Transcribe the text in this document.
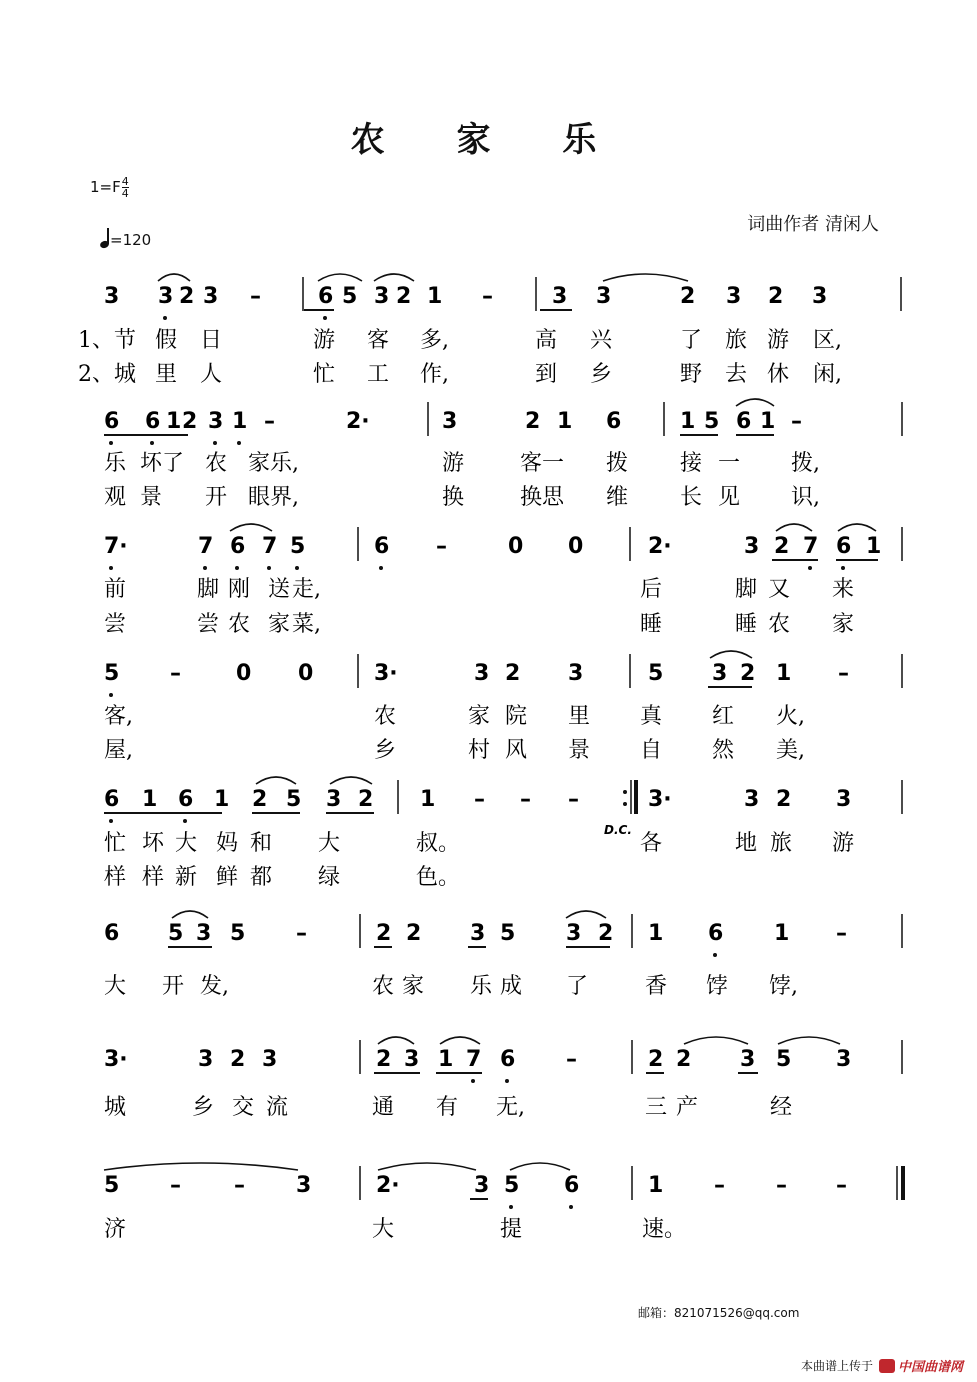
农 家 乐
$1=F \frac{4}{4}$
=120
词曲作者 清闲人
3 3 2 3 –	6 5 3 2 1 –	3 3	2 3 2 3
1、节 假 日	游 客 多,	高 兴	了 旅 游 区,
2、城 里 人	忙 工 作,	到 乡	野 去 休 闲,
6 6 1 2 3 1 –	2·	3	2 1 6	1 5 6 1 –
乐 坏了 农 家 乐,	游	客一 拨 接 一 拨,
观 景 开 眼 界,	换	换思 维 长 见 识,
7·	7 6 7 5	6 –	0 0	2·	3 2 7 6 1
前	脚 刚 送 走,	后	脚 又 来
尝	尝 农 家 菜,	睡	睡 农 家
5 –	0 0	3·	3 2 3	5 3 2 1 –
客,	农	家 院 里 真 红 火,
屋,	乡	村 风 景 自 然 美,
6 1 6 1 2 5 3 2 1 – – –	3·	3 2 3
忙 坏 大 妈 和 大	叔。	各	地 旅 游
样 样 新 鲜 都 绿	色。
D.C.
6 5 3 5 –	2 2 3 5 3 2 1 6 1 –
大 开 发,	农 家 乐 成 了	香 饽 饽,
3·	3 2 3	2 3 1 7 6 –	2 2 3 5 3
城	乡 交 流	通 有 无,	三 产	经
5 – – 3	2·	3 5 6	1 – – –
济	大	提	速。
邮箱：821071526@qq.com
本曲谱上传于 中国曲谱网
